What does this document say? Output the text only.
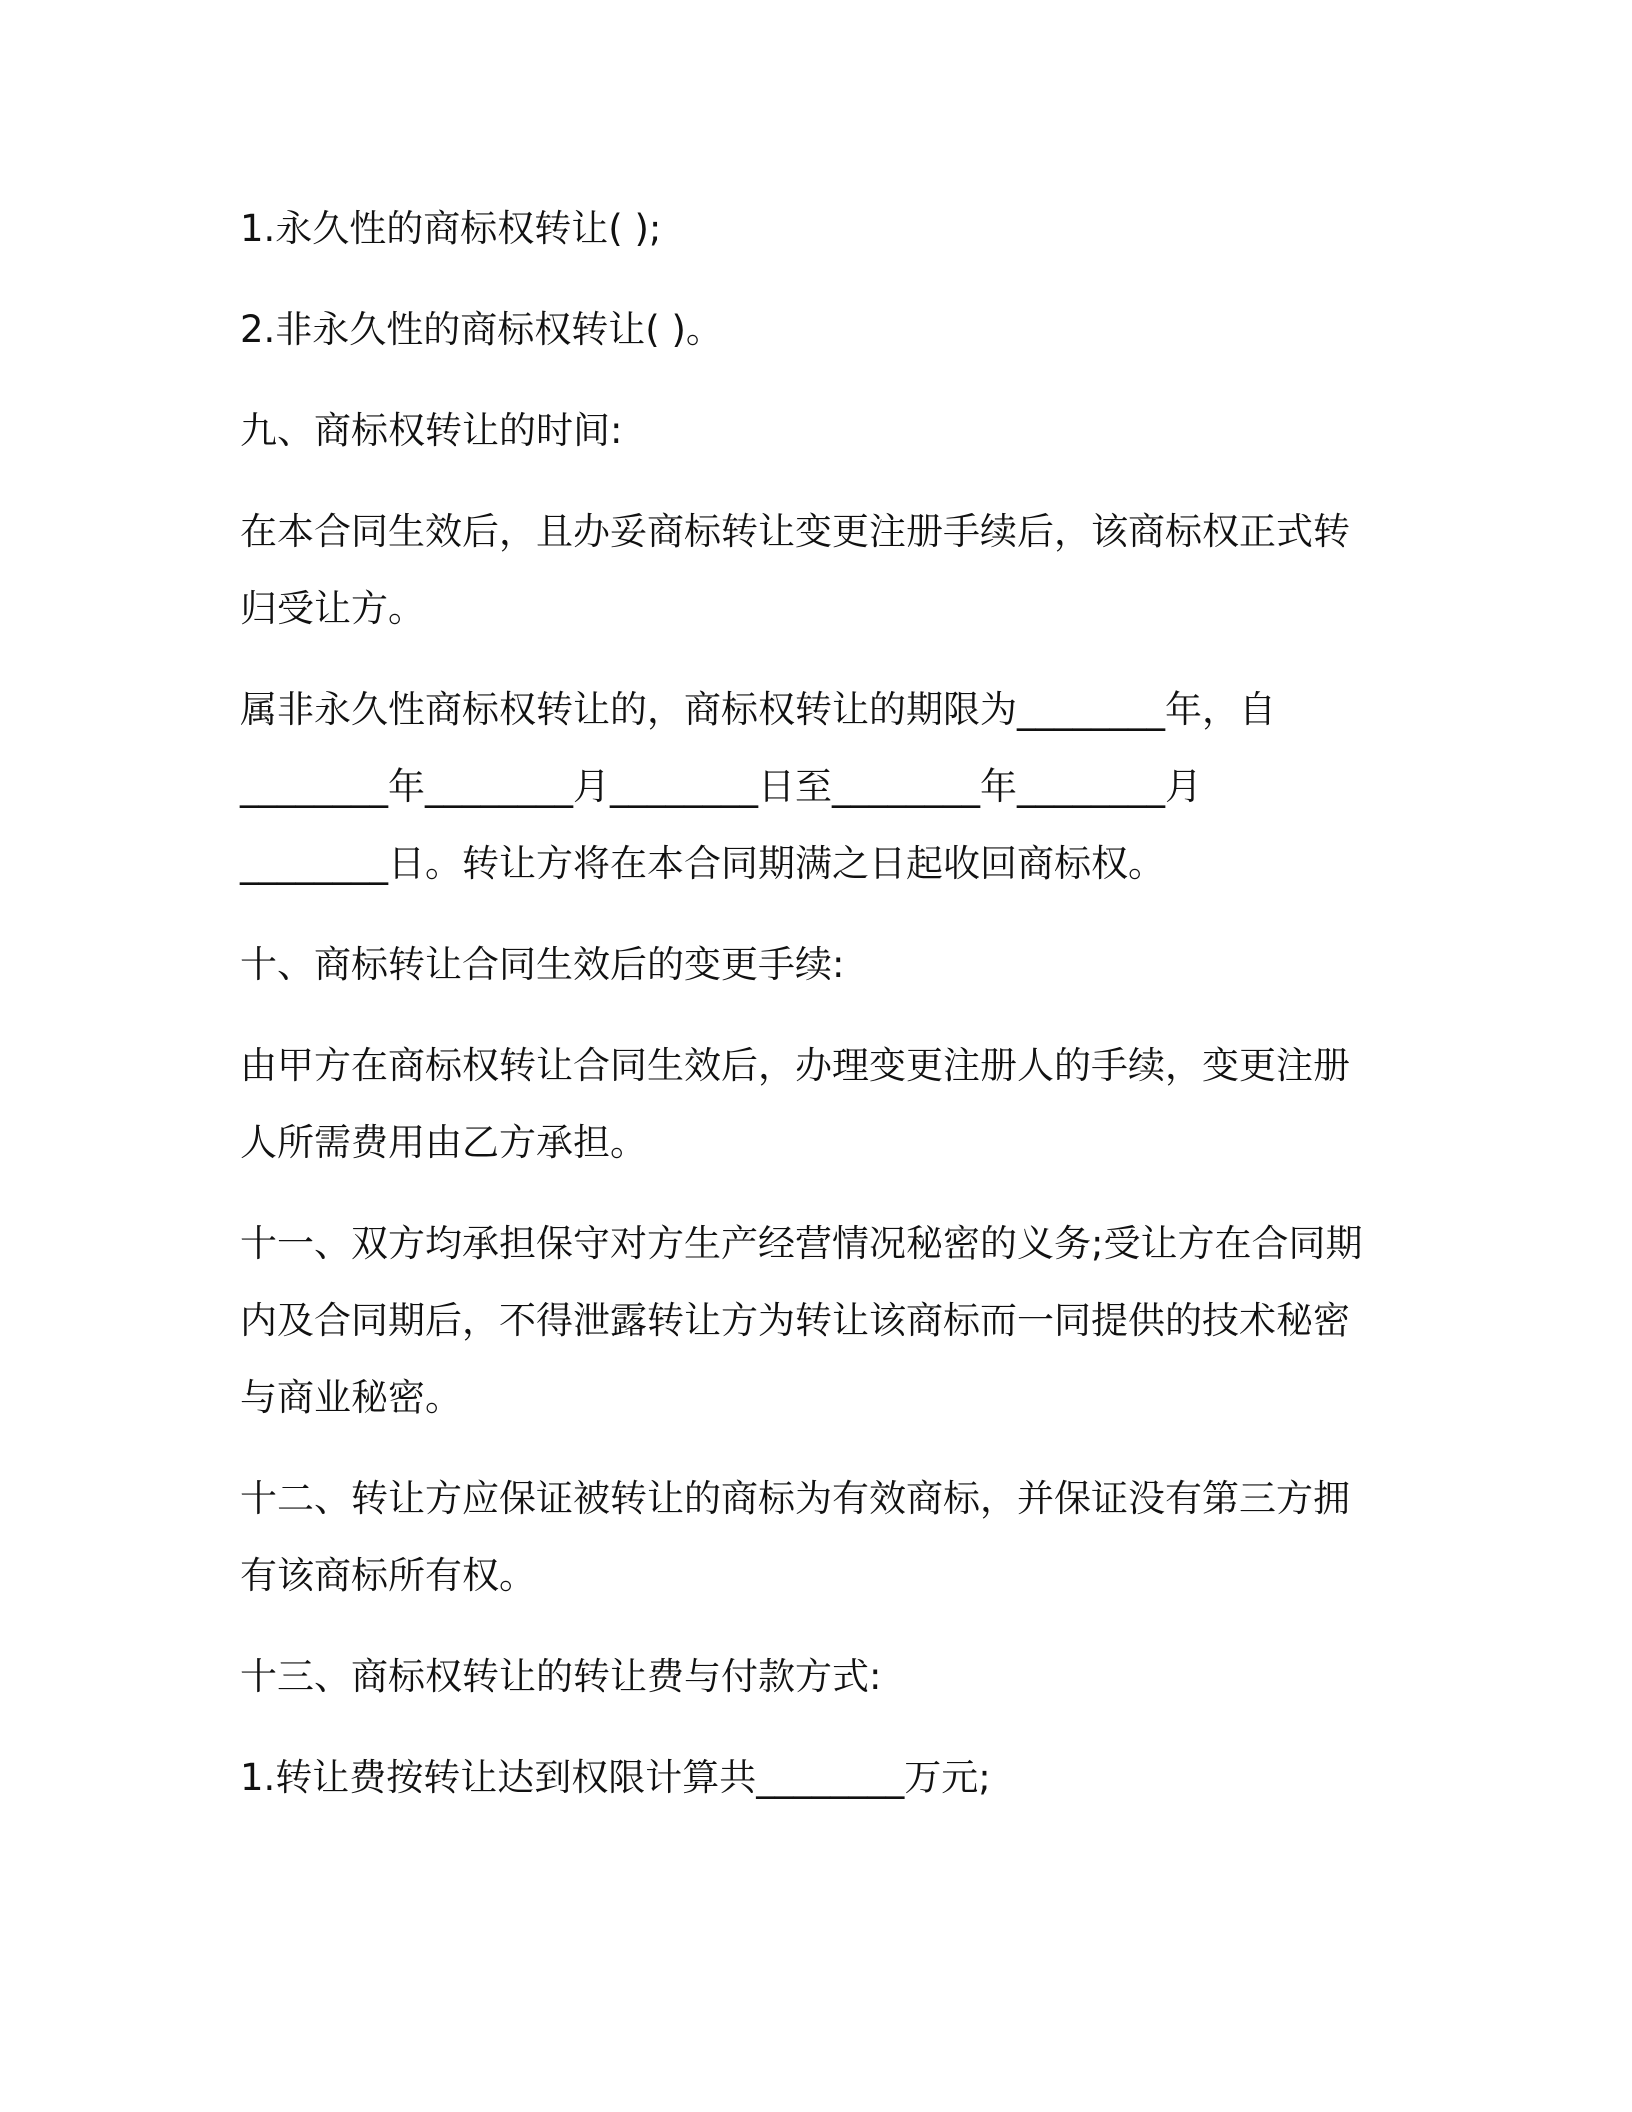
1.永久性的商标权转让( );

2.非永久性的商标权转让( )。

九、商标权转让的时间:

在本合同生效后，且办妥商标转让变更注册手续后，该商标权正式转
归受让方。

属非永久性商标权转让的，商标权转让的期限为________年，自
________年________月________日至________年________月
________日。转让方将在本合同期满之日起收回商标权。

十、商标转让合同生效后的变更手续:

由甲方在商标权转让合同生效后，办理变更注册人的手续，变更注册
人所需费用由乙方承担。

十一、双方均承担保守对方生产经营情况秘密的义务;受让方在合同期
内及合同期后，不得泄露转让方为转让该商标而一同提供的技术秘密
与商业秘密。

十二、转让方应保证被转让的商标为有效商标，并保证没有第三方拥
有该商标所有权。

十三、商标权转让的转让费与付款方式:

1.转让费按转让达到权限计算共________万元;
